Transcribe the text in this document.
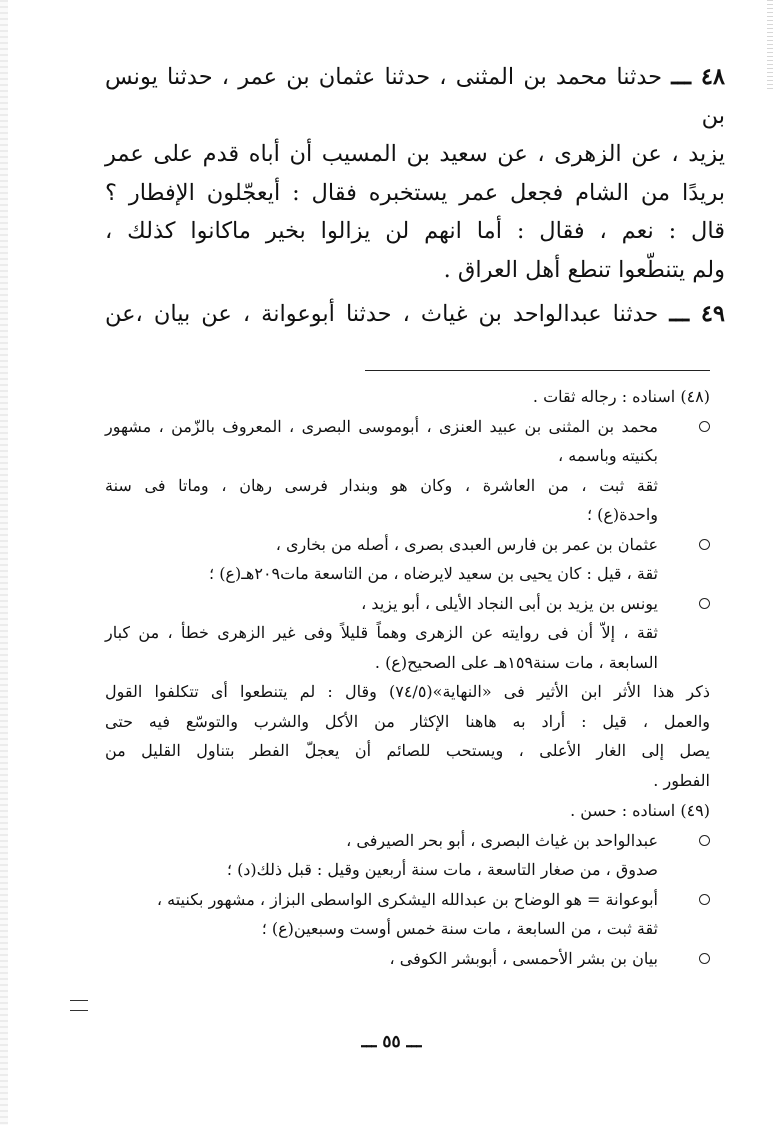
٤٨ ـــ حدثنا محمد بن المثنى ، حدثنا عثمان بن عمر ، حدثنا يونس بن
يزيد ، عن الزهرى ، عن سعيد بن المسيب أن أباه قدم على عمر
بريدًا من الشام فجعل عمر يستخبره فقال : أيعجّلون الإفطار ؟
قال : نعم ، فقال : أما انهم لن يزالوا بخير ماكانوا كذلك ،
ولم يتنطّعوا تنطع أهل العراق .

٤٩ ـــ حدثنا عبدالواحد بن غياث ، حدثنا أبوعوانة ، عن بيان ،عن

(٤٨) اسناده : رجاله ثقات .

محمد بن المثنى بن عبيد العنزى ، أبوموسى البصرى ، المعروف بالزّمن ، مشهور

بكنيته وباسمه ،

ثقة ثبت ، من العاشرة ، وكان هو وبندار فرسى رهان ، وماتا فى سنة

واحدة(ع) ؛

عثمان بن عمر بن فارس العبدى بصرى ، أصله من بخارى ،

ثقة ، قيل : كان يحيى بن سعيد لايرضاه ، من التاسعة مات٢٠٩هـ(ع) ؛

يونس بن يزيد بن أبى النجاد الأيلى ، أبو يزيد ،

ثقة ، إلاّ أن فى روايته عن الزهرى وهماً قليلاً وفى غير الزهرى خطأ ، من كبار

السابعة ، مات سنة١٥٩هـ على الصحيح(ع) .

ذكر هذا الأثر ابن الأثير فى «النهاية»(٧٤/٥) وقال : لم يتنطعوا أى تتكلفوا القول

والعمل ، قيل : أراد به هاهنا الإكثار من الأكل والشرب والتوسّع فيه حتى

يصل إلى الغار الأعلى ، ويستحب للصائم أن يعجلّ الفطر بتناول القليل من

الفطور .

(٤٩) اسناده : حسن .

عبدالواحد بن غياث البصرى ، أبو بحر الصيرفى ،

صدوق ، من صغار التاسعة ، مات سنة أربعين وقيل : قبل ذلك(د) ؛

أبوعوانة = هو الوضاح بن عبدالله اليشكرى الواسطى البزاز ، مشهور بكنيته ،

ثقة ثبت ، من السابعة ، مات سنة خمس أوست وسبعين(ع) ؛

بيان بن بشر الأحمسى ، أبوبشر الكوفى ،

ـــ ٥٥ ـــ
